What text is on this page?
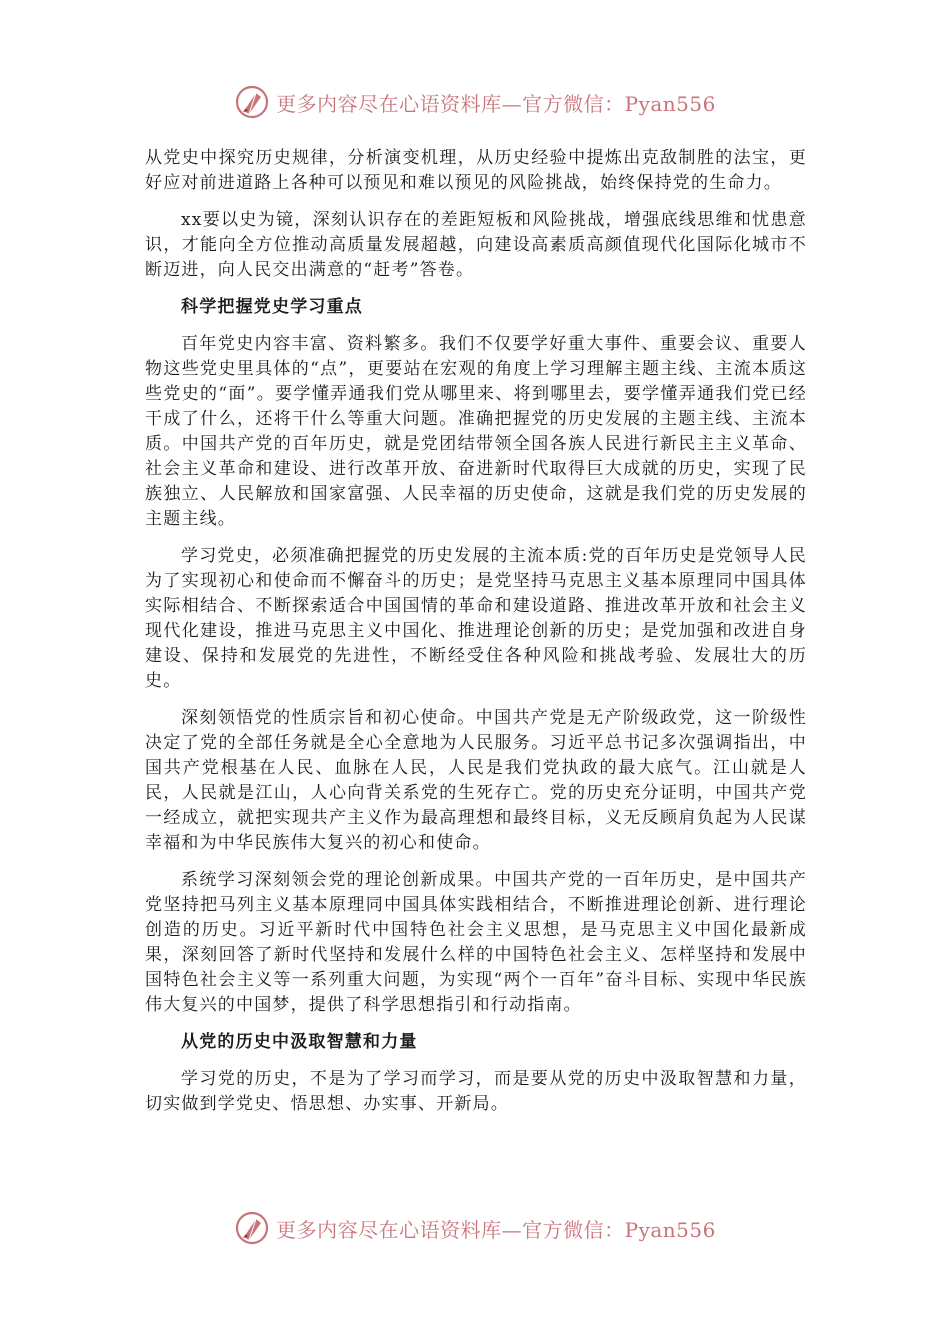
更多内容尽在心语资料库—官方微信：Pyan556

从党史中探究历史规律，分析演变机理，从历史经验中提炼出克敌制胜的法宝，更好应对前进道路上各种可以预见和难以预见的风险挑战，始终保持党的生命力。

xx要以史为镜，深刻认识存在的差距短板和风险挑战，增强底线思维和忧患意识，才能向全方位推动高质量发展超越，向建设高素质高颜值现代化国际化城市不断迈进，向人民交出满意的“赶考”答卷。

科学把握党史学习重点

百年党史内容丰富、资料繁多。我们不仅要学好重大事件、重要会议、重要人物这些党史里具体的“点”，更要站在宏观的角度上学习理解主题主线、主流本质这些党史的“面”。要学懂弄通我们党从哪里来、将到哪里去，要学懂弄通我们党已经干成了什么，还将干什么等重大问题。准确把握党的历史发展的主题主线、主流本质。中国共产党的百年历史，就是党团结带领全国各族人民进行新民主主义革命、社会主义革命和建设、进行改革开放、奋进新时代取得巨大成就的历史，实现了民族独立、人民解放和国家富强、人民幸福的历史使命，这就是我们党的历史发展的主题主线。

学习党史，必须准确把握党的历史发展的主流本质:党的百年历史是党领导人民为了实现初心和使命而不懈奋斗的历史；是党坚持马克思主义基本原理同中国具体实际相结合、不断探索适合中国国情的革命和建设道路、推进改革开放和社会主义现代化建设，推进马克思主义中国化、推进理论创新的历史；是党加强和改进自身建设、保持和发展党的先进性，不断经受住各种风险和挑战考验、发展壮大的历史。

深刻领悟党的性质宗旨和初心使命。中国共产党是无产阶级政党，这一阶级性决定了党的全部任务就是全心全意地为人民服务。习近平总书记多次强调指出，中国共产党根基在人民、血脉在人民，人民是我们党执政的最大底气。江山就是人民，人民就是江山，人心向背关系党的生死存亡。党的历史充分证明，中国共产党一经成立，就把实现共产主义作为最高理想和最终目标，义无反顾肩负起为人民谋幸福和为中华民族伟大复兴的初心和使命。

系统学习深刻领会党的理论创新成果。中国共产党的一百年历史，是中国共产党坚持把马列主义基本原理同中国具体实践相结合，不断推进理论创新、进行理论创造的历史。习近平新时代中国特色社会主义思想，是马克思主义中国化最新成果，深刻回答了新时代坚持和发展什么样的中国特色社会主义、怎样坚持和发展中国特色社会主义等一系列重大问题，为实现“两个一百年”奋斗目标、实现中华民族伟大复兴的中国梦，提供了科学思想指引和行动指南。

从党的历史中汲取智慧和力量

学习党的历史，不是为了学习而学习，而是要从党的历史中汲取智慧和力量，切实做到学党史、悟思想、办实事、开新局。

更多内容尽在心语资料库—官方微信：Pyan556
